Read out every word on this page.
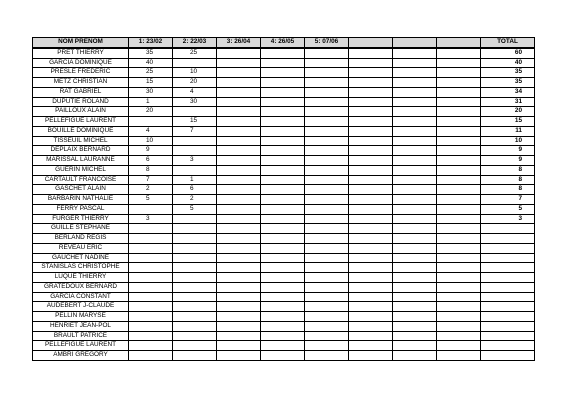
NOM PRENOM	1: 23/02	2: 22/03	3: 26/04	4: 26/05	5: 07/06				TOTAL
PRET THIERRY	35	25							60
GARCIA DOMINIQUE	40								40
PRESLE FREDERIC	25	10							35
METZ CHRISTIAN	15	20							35
RAT GABRIEL	30	4							34
DUPUTIE ROLAND	1	30							31
PAILLOUX ALAIN	20								20
PELLEFIGUE LAURENT		15							15
BOUILLE DOMINIQUE	4	7							11
TISSEUIL MICHEL	10								10
DEPLAIX BERNARD	9								9
MARISSAL LAURANNE	6	3							9
GUERIN MICHEL	8								8
CARTAULT FRANCOISE	7	1							8
GASCHET ALAIN	2	6							8
BARBARIN NATHALIE	5	2							7
FERRY PASCAL		5							5
FURGER THIERRY	3								3
GUILLE STEPHANE									
BERLAND REGIS									
REVEAU ERIC									
GAUCHET NADINE									
STANISLAS CHRISTOPHE									
LUQUE THIERRY									
GRATEDOUX BERNARD									
GARCIA CONSTANT									
AUDEBERT J-CLAUDE									
PELLIN MARYSE									
HENRIET JEAN-POL									
BRAULT PATRICE									
PELLEFIGUE LAURENT									
AMBRI GREGORY									
